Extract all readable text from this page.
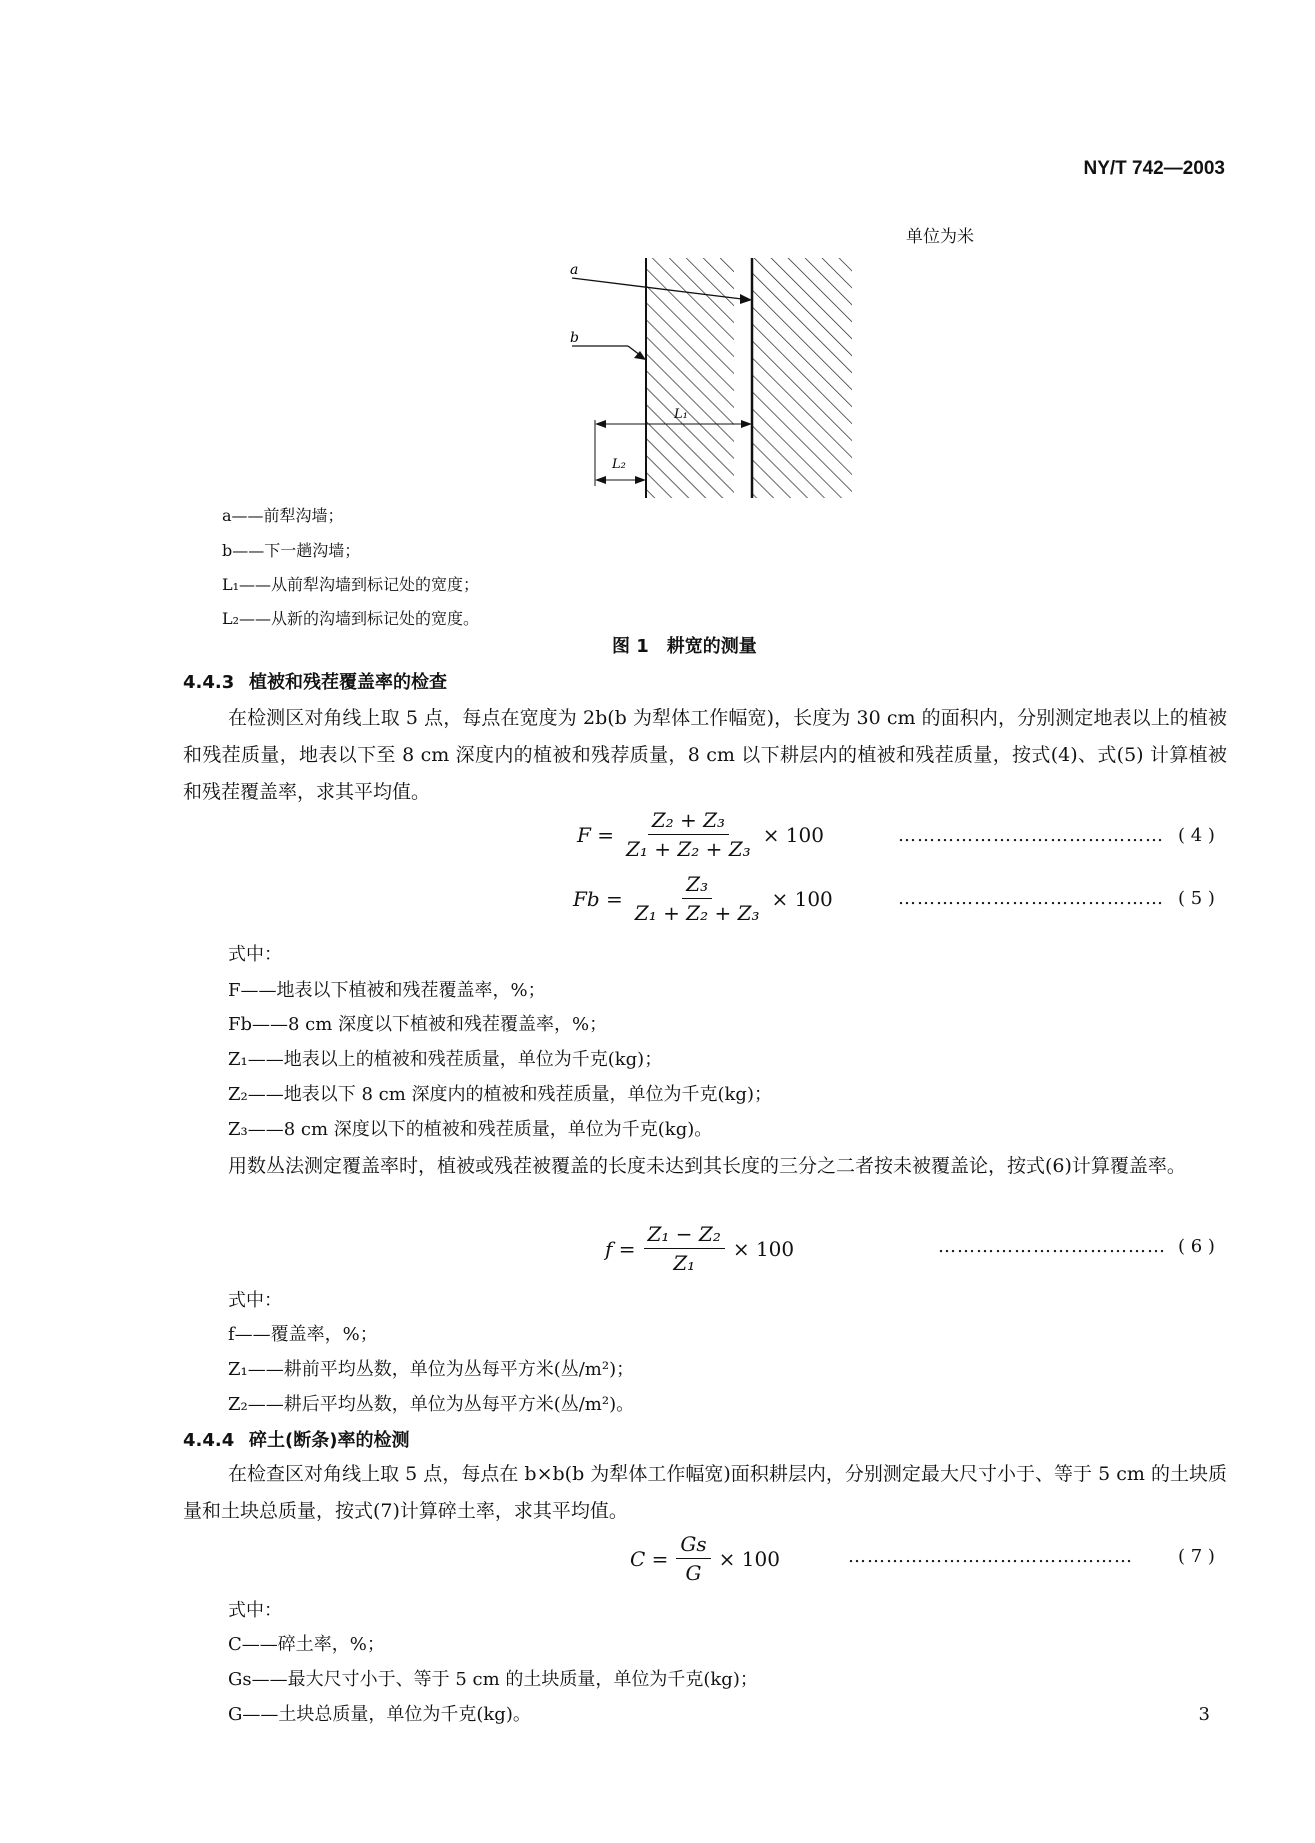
NY/T 742—2003
单位为米
a
b
L₁
L₂
a——前犁沟墙；
b——下一趟沟墙；
L₁——从前犁沟墙到标记处的宽度；
L₂——从新的沟墙到标记处的宽度。
图 1　耕宽的测量
4.4.3 植被和残茬覆盖率的检查
在检测区对角线上取 5 点，每点在宽度为 2b(b 为犁体工作幅宽)，长度为 30 cm 的面积内，分别测定地表以上的植被和残茬质量，地表以下至 8 cm 深度内的植被和残荐质量，8 cm 以下耕层内的植被和残茬质量，按式(4)、式(5) 计算植被和残茬覆盖率，求其平均值。
$F = \frac{\text{Z₂ + Z₃}}{\text{Z₁ + Z₂ + Z₃}} \times 100$	…………………………………… ( 4 )
$Fb = \frac{\text{Z₃}}{\text{Z₁ + Z₂ + Z₃}} \times 100$	…………………………………… ( 5 )
式中：
F——地表以下植被和残茬覆盖率，%；
Fb——8 cm 深度以下植被和残茬覆盖率，%；
Z₁——地表以上的植被和残茬质量，单位为千克(kg)；
Z₂——地表以下 8 cm 深度内的植被和残茬质量，单位为千克(kg)；
Z₃——8 cm 深度以下的植被和残茬质量，单位为千克(kg)。
用数丛法测定覆盖率时，植被或残茬被覆盖的长度未达到其长度的三分之二者按未被覆盖论，按式(6)计算覆盖率。
$f = \frac{\text{Z₁ − Z₂}}{\text{Z₁}} \times 100$	……………………………… ( 6 )
式中：
f——覆盖率，%；
Z₁——耕前平均丛数，单位为丛每平方米(丛/m²)；
Z₂——耕后平均丛数，单位为丛每平方米(丛/m²)。
4.4.4 碎土(断条)率的检测
在检查区对角线上取 5 点，每点在 b×b(b 为犁体工作幅宽)面积耕层内，分别测定最大尺寸小于、等于 5 cm 的土块质量和土块总质量，按式(7)计算碎土率，求其平均值。
$C = \frac{Gs}{G} \times 100$	………………………………………	( 7 )
式中：
C——碎土率，%；
Gs——最大尺寸小于、等于 5 cm 的土块质量，单位为千克(kg)；
G——土块总质量，单位为千克(kg)。	3
